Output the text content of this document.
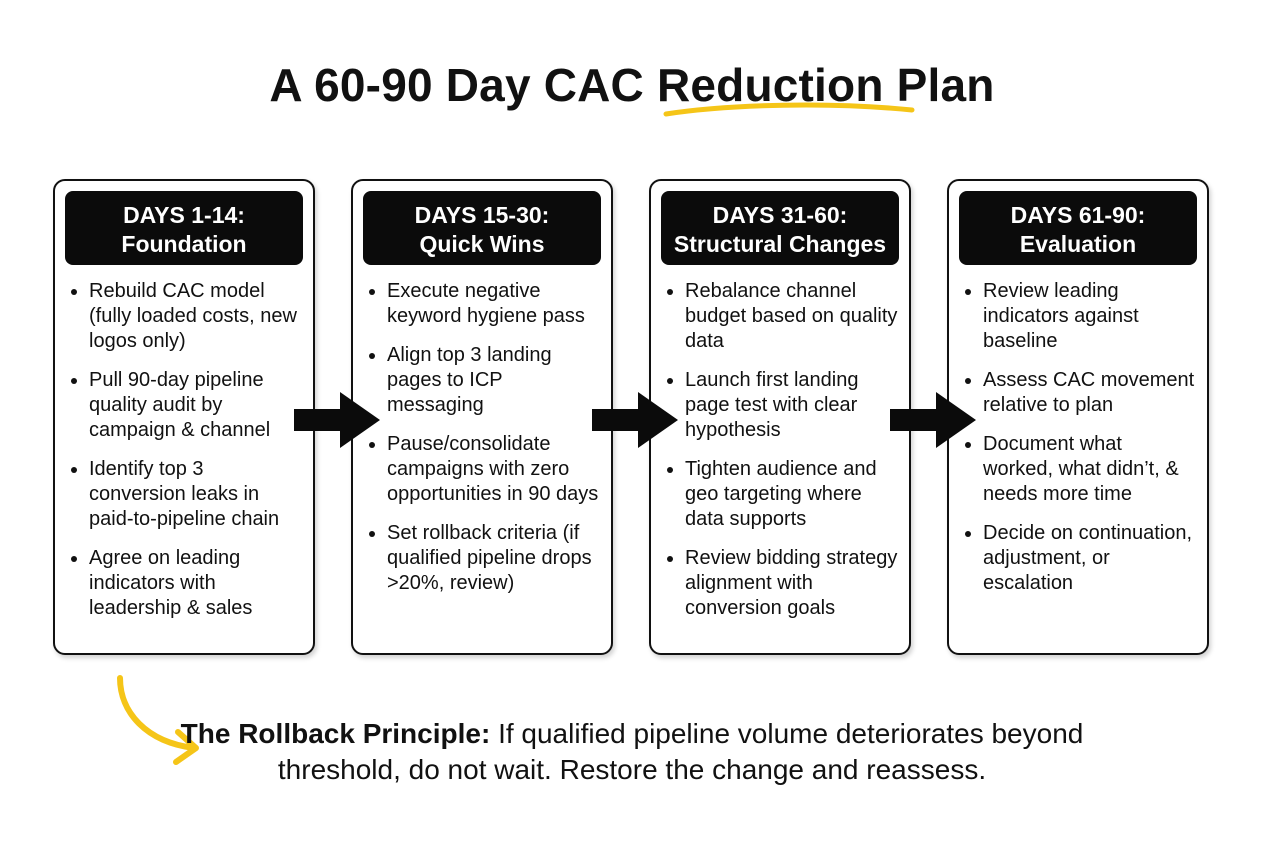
A 60-90 Day CAC Reduction Plan
DAYS 1-14:
Foundation
Rebuild CAC model (fully loaded costs, new logos only)
Pull 90-day pipeline quality audit by campaign & channel
Identify top 3 conversion leaks in paid-to-pipeline chain
Agree on leading indicators with leadership & sales
DAYS 15-30:
Quick Wins
Execute negative keyword hygiene pass
Align top 3 landing pages to ICP messaging
Pause/consolidate campaigns with zero opportunities in 90 days
Set rollback criteria (if qualified pipeline drops >20%, review)
DAYS 31-60:
Structural Changes
Rebalance channel budget based on quality data
Launch first landing page test with clear hypothesis
Tighten audience and geo targeting where data supports
Review bidding strategy alignment with conversion goals
DAYS 61-90:
Evaluation
Review leading indicators against baseline
Assess CAC movement relative to plan
Document what worked, what didn’t, & needs more time
Decide on continuation, adjustment, or escalation

The Rollback Principle: If qualified pipeline volume deteriorates beyond threshold, do not wait. Restore the change and reassess.
